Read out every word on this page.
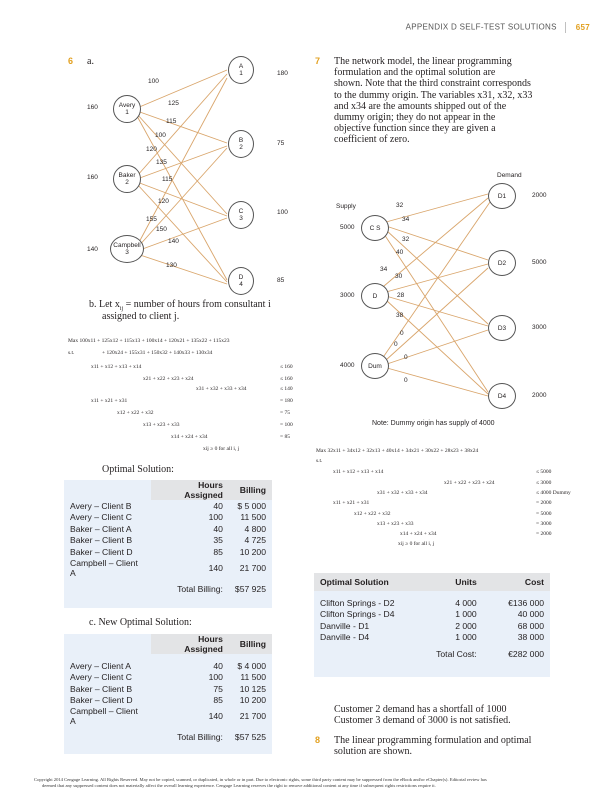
APPENDIX D SELF-TEST SOLUTIONS 657
6 a.
Avery
1
Baker
2
Campbell
3
A
1
B
2
C
3
D
4
160
160
140
180
75
100
85
100
125
115
100
120
135
115
120
155
150
140
130
b. Let $x_{ij}$ = number of hours from consultant i
assigned to client j.
Max 100x11 + 125x12 + 115x13 + 100x14 + 120x21 + 135x22 + 115x23
s.t.	+ 120x24 + 155x31 + 150x32 + 140x33 + 130x34
x11 + x12 + x13 + x14	≤ 160
x21 + x22 + x23 + x24	≤ 160
x31 + x32 + x33 + x34	≤ 140
x11 + x21 + x31	= 180
x12 + x22 + x32	= 75
x13 + x23 + x33	= 100
x14 + x24 + x34	= 85
xij ≥ 0 for all i, j
Optimal Solution:
	Hours Assigned	Billing
Avery – Client B	40	$ 5 000
Avery – Client C	100	11 500
Baker – Client A	40	4 800
Baker – Client B	35	4 725
Baker – Client D	85	10 200
Campbell – Client A	140	21 700
Total Billing:		$57 925
c. New Optimal Solution:
	Hours Assigned	Billing

Avery – Client A	40	$ 4 000
Avery – Client C	100	11 500
Baker – Client B	75	10 125
Baker – Client D	85	10 200
Campbell – Client A	140	21 700
Total Billing:		$57 525
7 The network model, the linear programming
formulation and the optimal solution are
shown. Note that the third constraint corresponds
to the dummy origin. The variables x31, x32, x33
and x34 are the amounts shipped out of the
dummy origin; they do not appear in the
objective function since they are given a
coefficient of zero.
C S
D
Dum
D1
D2
D3
D4
Supply
Demand
5000
3000
4000
2000
5000
3000
2000
32
34
32
40
34
30
28
38
0
0
0
0
Note: Dummy origin has supply of 4000
Max 32x11 + 34x12 + 32x13 + 40x14 + 34x21 + 30x22 + 28x23 + 38x24
s.t.
x11 + x12 + x13 + x14	≤ 5000
x21 + x22 + x23 + x24	≤ 3000
x31 + x32 + x33 + x34	≤ 4000 Dummy
x11 + x21 + x31	= 2000
x12 + x22 + x32	= 5000
x13 + x23 + x33	= 3000
x14 + x24 + x34	= 2000
xij ≥ 0 for all i, j
Optimal Solution	Units	Cost

Clifton Springs - D2	4 000	€136 000
Clifton Springs - D4	1 000	40 000
Danville - D1	2 000	68 000
Danville - D4	1 000	38 000
Total Cost:		€282 000
Customer 2 demand has a shortfall of 1000
Customer 3 demand of 3000 is not satisfied.
8 The linear programming formulation and optimal
solution are shown.
Copyright 2014 Cengage Learning. All Rights Reserved. May not be copied, scanned, or duplicated, in whole or in part. Due to electronic rights, some third party content may be suppressed from the eBook and/or eChapter(s). Editorial review has
deemed that any suppressed content does not materially affect the overall learning experience. Cengage Learning reserves the right to remove additional content at any time if subsequent rights restrictions require it.
